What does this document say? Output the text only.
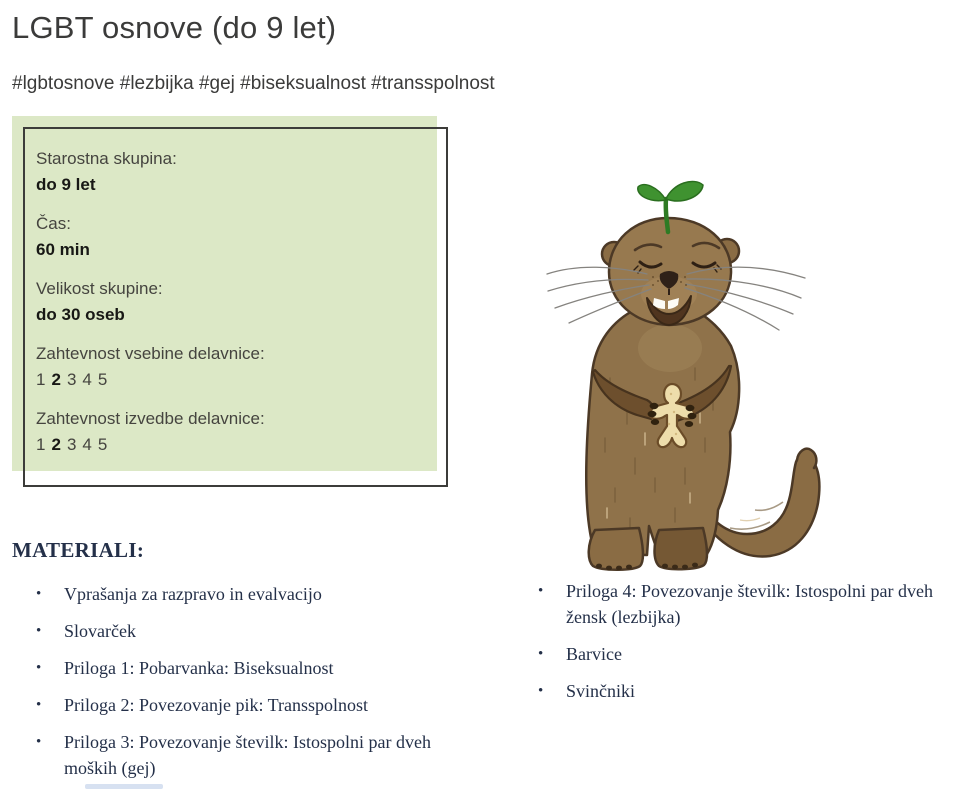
LGBT osnove (do 9 let)
#lgbtosnove #lezbijka #gej #biseksualnost #transspolnost
Starostna skupina:
do 9 let
Čas:
60 min
Velikost skupine:
do 30 oseb
Zahtevnost vsebine delavnice:
1 2 3 4 5
Zahtevnost izvedbe delavnice:
1 2 3 4 5
MATERIALI:
•	Vprašanja za razpravo in evalvacijo
•	Slovarček
•	Priloga 1: Pobarvanka: Biseksualnost
•	Priloga 2: Povezovanje pik: Transspolnost
•	Priloga 3: Povezovanje številk: Istospolni par dveh moških (gej)
•	Priloga 4: Povezovanje številk: Istospolni par dveh žensk (lezbijka)
•	Barvice
•	Svinčniki
